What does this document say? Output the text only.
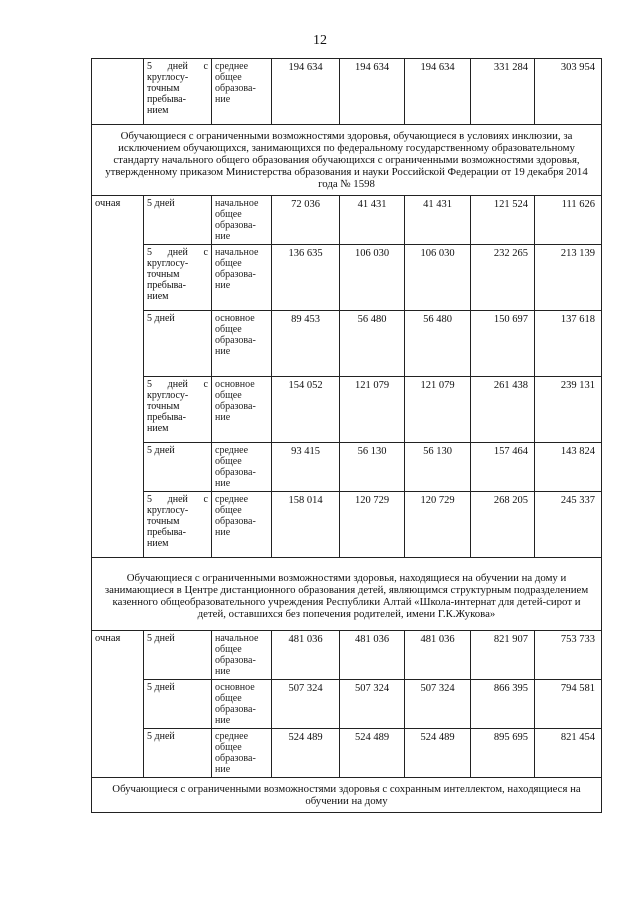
12

	5 дней с
круглосу-
точным
пребыва-
нием	среднее
общее
образова-
ние	194 634	194 634	194 634	331 284	303 954
Обучающиеся с ограниченными возможностями здоровья, обучающиеся в условиях инклюзии, за исключением обучающихся, занимающихся по федеральному государственному образовательному стандарту начального общего образования обучающихся с ограниченными возможностями здоровья, утвержденному приказом Министерства образования и науки Российской Федерации от 19 декабря 2014 года № 1598							
очная	5 дней	начальное
общее
образова-
ние	72 036	41 431	41 431	121 524	111 626

	5 дней с
круглосу-
точным
пребыва-
нием	начальное
общее
образова-
ние	136 635	106 030	106 030	232 265	213 139

	5 дней	основное
общее
образова-
ние	89 453	56 480	56 480	150 697	137 618

	5 дней с
круглосу-
точным
пребыва-
нием	основное
общее
образова-
ние	154 052	121 079	121 079	261 438	239 131

	5 дней	среднее
общее
образова-
ние	93 415	56 130	56 130	157 464	143 824

	5 дней с
круглосу-
точным
пребыва-
нием	среднее
общее
образова-
ние	158 014	120 729	120 729	268 205	245 337
Обучающиеся с ограниченными возможностями здоровья, находящиеся на обучении на дому и занимающиеся в Центре дистанционного образования детей, являющимся структурным подразделением казенного общеобразовательного учреждения Республики Алтай «Школа-интернат для детей-сирот и детей, оставшихся без попечения родителей, имени Г.К.Жукова»							
очная	5 дней	начальное
общее
образова-
ние	481 036	481 036	481 036	821 907	753 733

	5 дней	основное
общее
образова-
ние	507 324	507 324	507 324	866 395	794 581

	5 дней	среднее
общее
образова-
ние	524 489	524 489	524 489	895 695	821 454
Обучающиеся с ограниченными возможностями здоровья с сохранным интеллектом, находящиеся на обучении на дому							
